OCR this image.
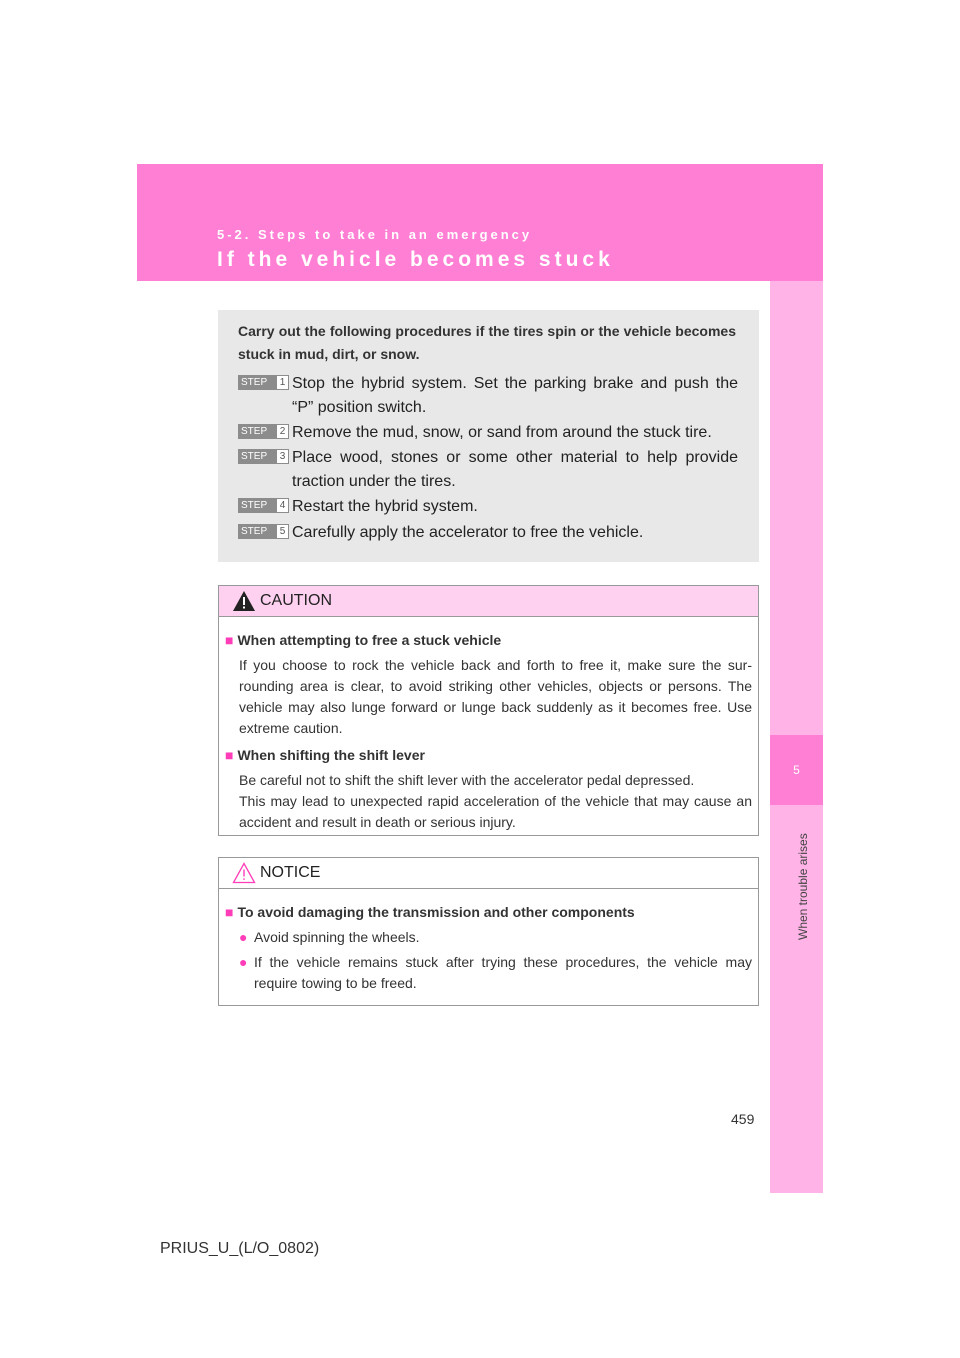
5-2. Steps to take in an emergency
If the vehicle becomes stuck
5
When trouble arises
Carry out the following procedures if the tires spin or the vehicle becomes stuck in mud, dirt, or snow.
STEP	1 Stop the hybrid system. Set the parking brake and push the “P” position switch.
STEP	2 Remove the mud, snow, or sand from around the stuck tire.
STEP	3 Place wood, stones or some other material to help provide traction under the tires.
STEP	4 Restart the hybrid system.
STEP	5 Carefully apply the accelerator to free the vehicle.
CAUTION
■ When attempting to free a stuck vehicle
If you choose to rock the vehicle back and forth to free it, make sure the sur-rounding area is clear, to avoid striking other vehicles, objects or persons. The vehicle may also lunge forward or lunge back suddenly as it becomes free. Use extreme caution.
■ When shifting the shift lever
Be careful not to shift the shift lever with the accelerator pedal depressed.
This may lead to unexpected rapid acceleration of the vehicle that may cause an accident and result in death or serious injury.
NOTICE
■ To avoid damaging the transmission and other components
● Avoid spinning the wheels.
● If the vehicle remains stuck after trying these procedures, the vehicle may require towing to be freed.
459
PRIUS_U_(L/O_0802)
